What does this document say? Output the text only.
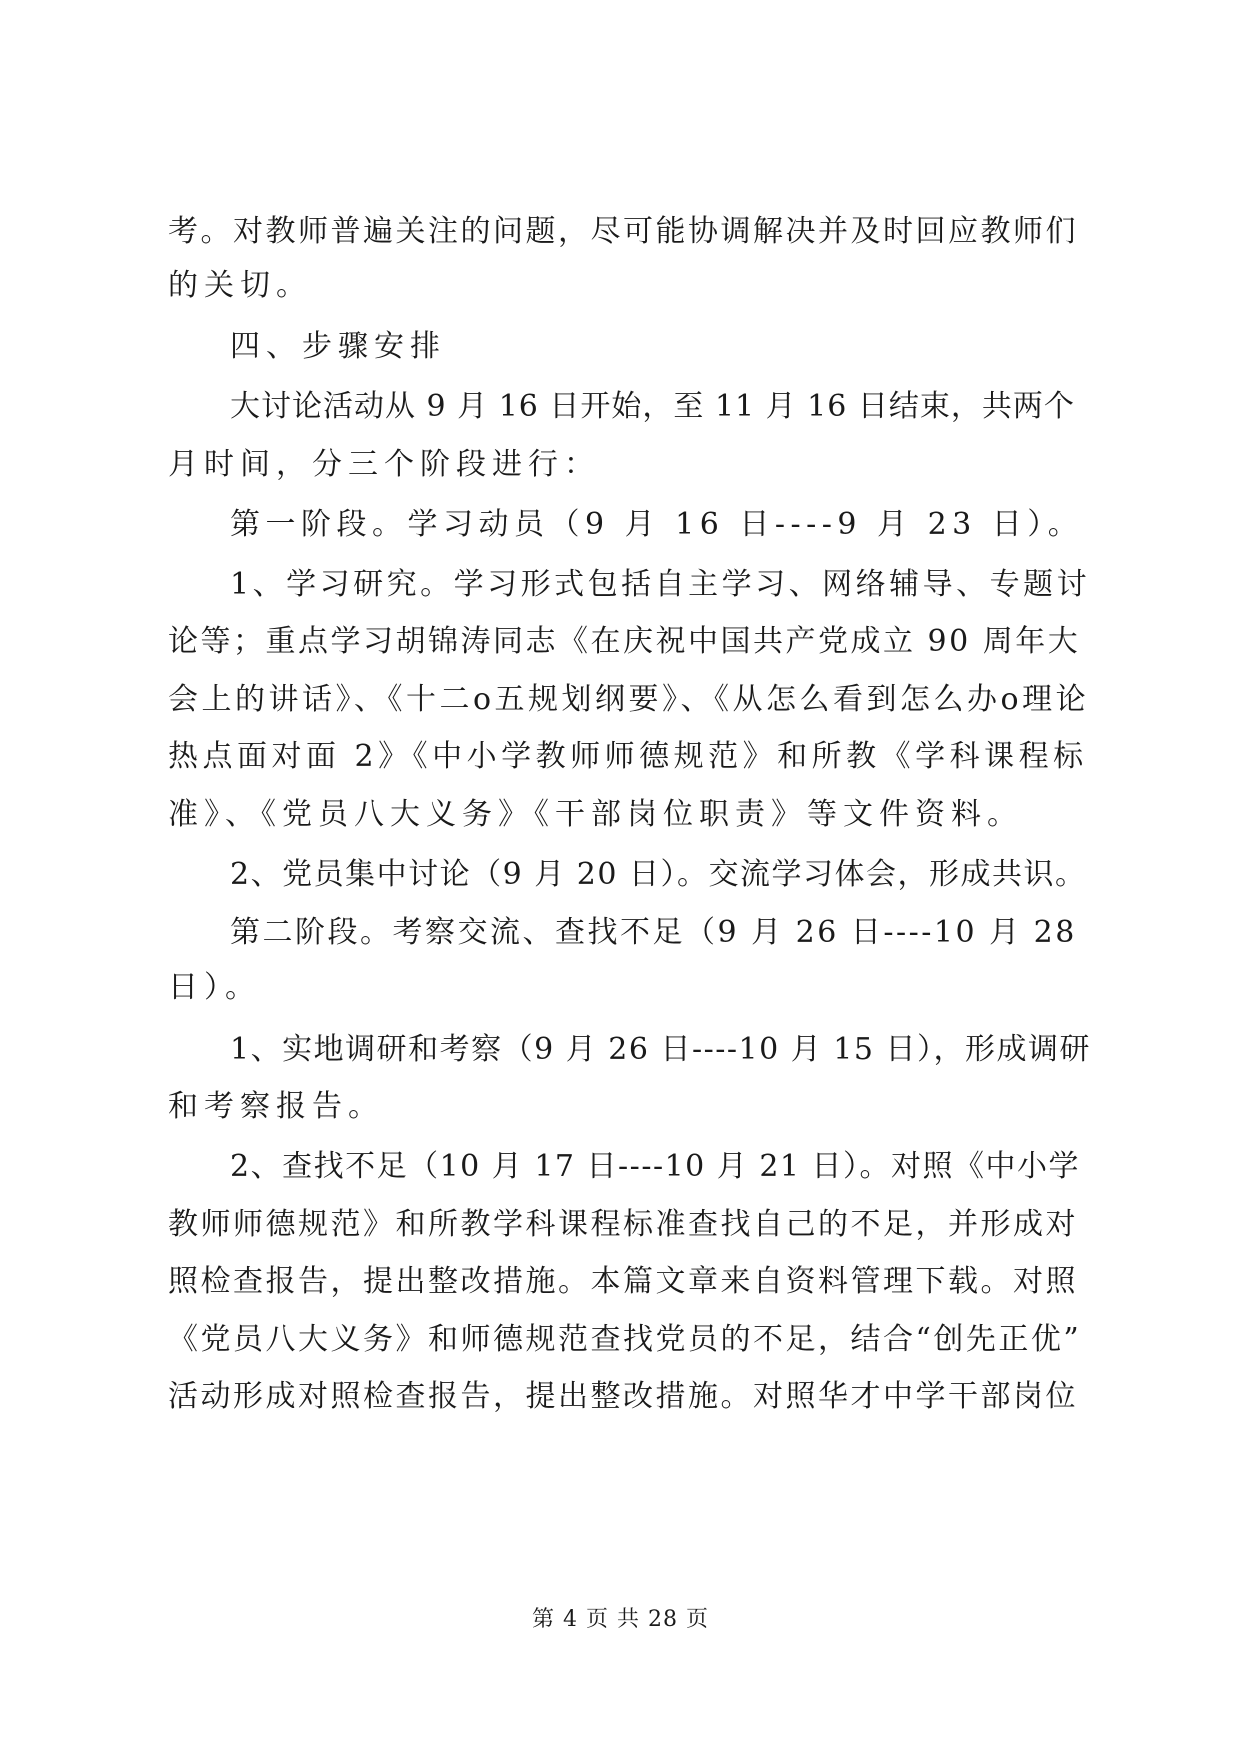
考。对教师普遍关注的问题，尽可能协调解决并及时回应教师们
的关切。
四、步骤安排
大讨论活动从 9 月 16 日开始，至 11 月 16 日结束，共两个
月时间，分三个阶段进行：
第一阶段。学习动员（9 月 16 日----9 月 23 日）。
1、学习研究。学习形式包括自主学习、网络辅导、专题讨
论等；重点学习胡锦涛同志《在庆祝中国共产党成立 90 周年大
会上的讲话》、《十二ο五规划纲要》、《从怎么看到怎么办ο理论
热点面对面 2》《中小学教师师德规范》和所教《学科课程标
准》、《党员八大义务》《干部岗位职责》等文件资料。
2、党员集中讨论（9 月 20 日）。交流学习体会，形成共识。
第二阶段。考察交流、查找不足（9 月 26 日----10 月 28
日）。
1、实地调研和考察（9 月 26 日----10 月 15 日），形成调研
和考察报告。
2、查找不足（10 月 17 日----10 月 21 日）。对照《中小学
教师师德规范》和所教学科课程标准查找自己的不足，并形成对
照检查报告，提出整改措施。本篇文章来自资料管理下载。对照
《党员八大义务》和师德规范查找党员的不足，结合“创先正优”
活动形成对照检查报告，提出整改措施。对照华才中学干部岗位
第 4 页 共 28 页
